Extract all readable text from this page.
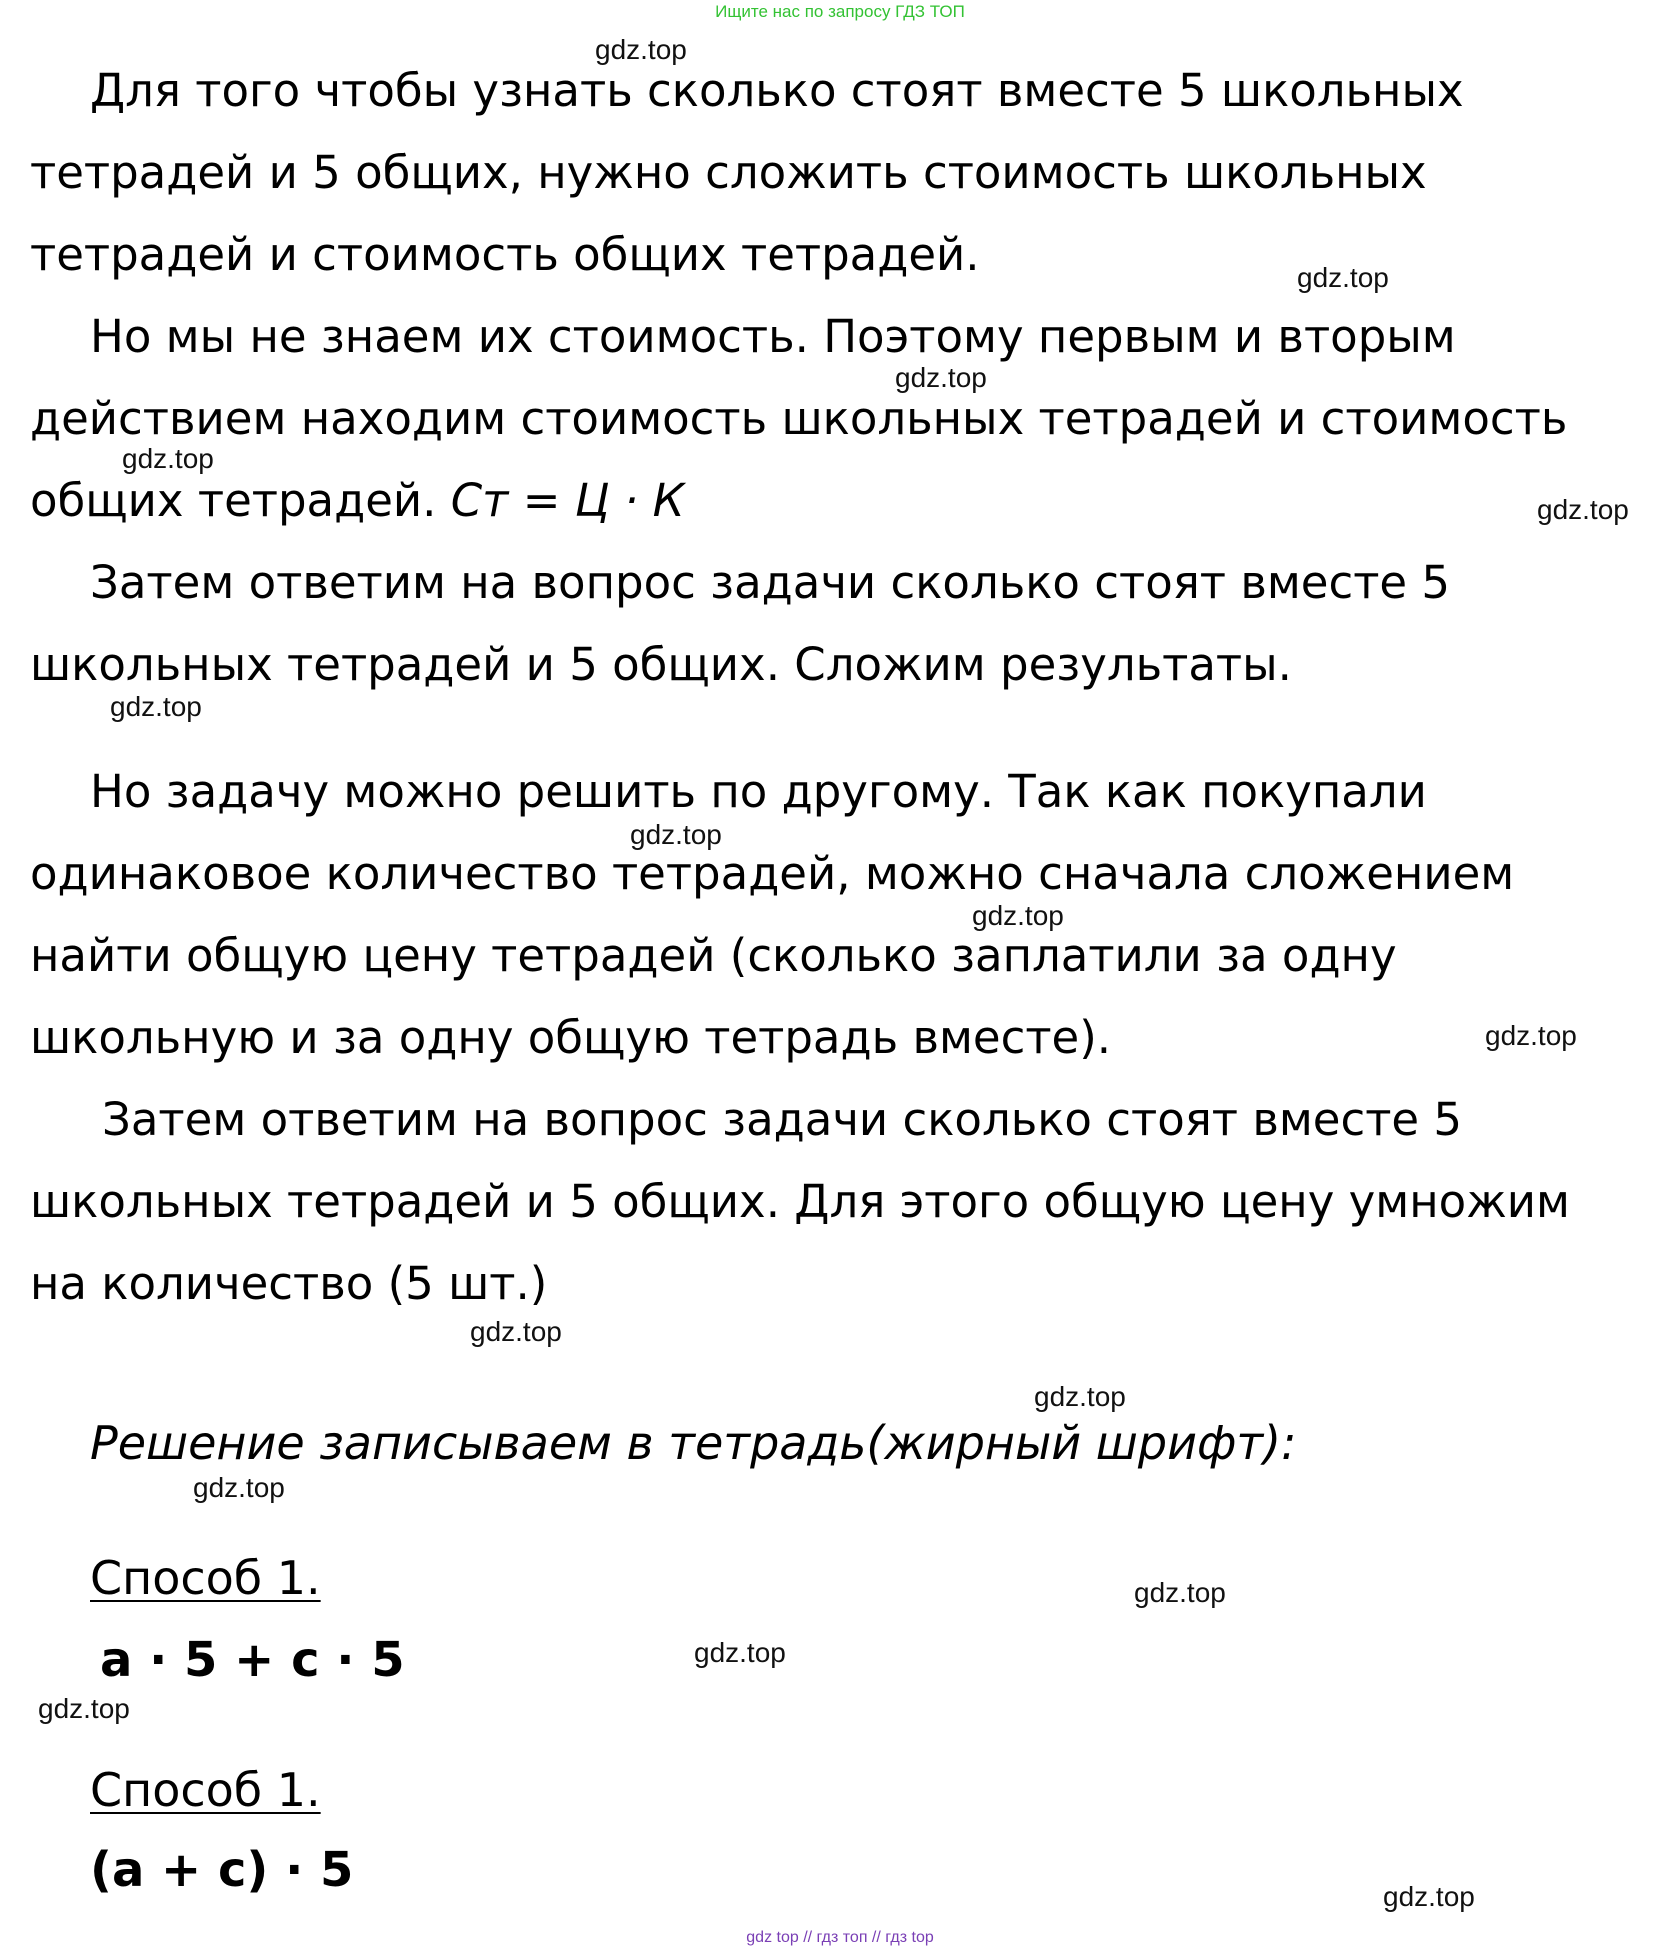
Ищите нас по запросу ГДЗ ТОП
Для того чтобы узнать сколько стоят вместе 5 школьных
тетрадей и 5 общих, нужно сложить стоимость школьных
тетрадей и стоимость общих тетрадей.
Но мы не знаем их стоимость. Поэтому первым и вторым
действием находим стоимость школьных тетрадей и стоимость
общих тетрадей. Ст = Ц · К
Затем ответим на вопрос задачи сколько стоят вместе 5
школьных тетрадей и 5 общих. Сложим результаты.
Но задачу можно решить по другому. Так как покупали
одинаковое количество тетрадей, можно сначала сложением
найти общую цену тетрадей (сколько заплатили за одну
школьную и за одну общую тетрадь вместе).
Затем ответим на вопрос задачи сколько стоят вместе 5
школьных тетрадей и 5 общих. Для этого общую цену умножим
на количество (5 шт.)
Решение записываем в тетрадь(жирный шрифт):
Способ 1.
a · 5 + c · 5
Способ 1.
(a + c) · 5
gdz.top
gdz.top
gdz.top
gdz.top
gdz.top
gdz.top
gdz.top
gdz.top
gdz.top
gdz.top
gdz.top
gdz.top
gdz.top
gdz.top
gdz.top
gdz.top
gdz top // гдз топ // гдз top
